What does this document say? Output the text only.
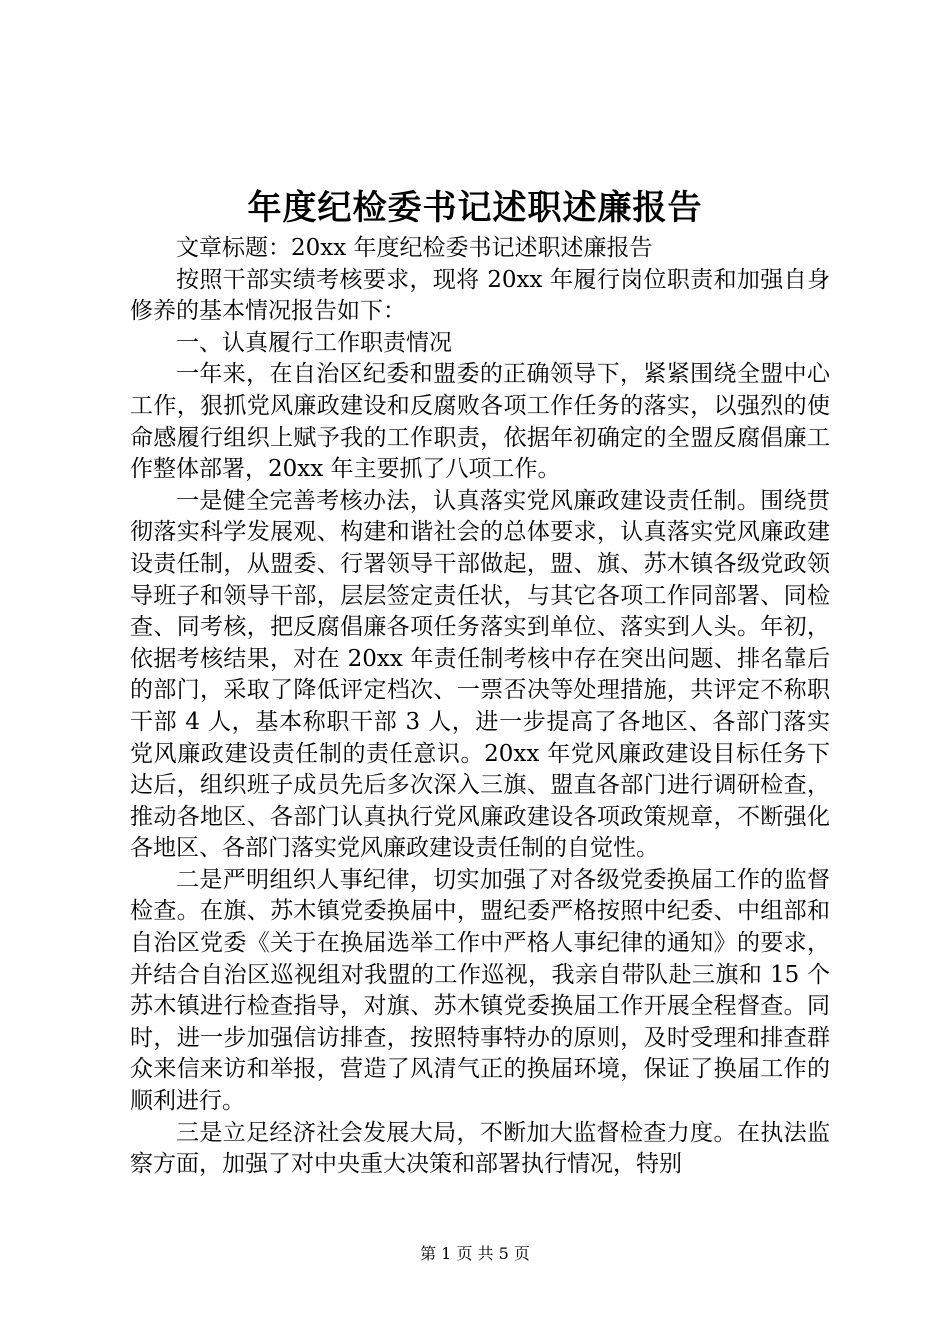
年度纪检委书记述职述廉报告

文章标题：20xx 年度纪检委书记述职述廉报告

按照干部实绩考核要求，现将 20xx 年履行岗位职责和加强自身修养的基本情况报告如下：

一、认真履行工作职责情况

一年来，在自治区纪委和盟委的正确领导下，紧紧围绕全盟中心工作，狠抓党风廉政建设和反腐败各项工作任务的落实，以强烈的使命感履行组织上赋予我的工作职责，依据年初确定的全盟反腐倡廉工作整体部署，20xx 年主要抓了八项工作。

一是健全完善考核办法，认真落实党风廉政建设责任制。围绕贯彻落实科学发展观、构建和谐社会的总体要求，认真落实党风廉政建设责任制，从盟委、行署领导干部做起，盟、旗、苏木镇各级党政领导班子和领导干部，层层签定责任状，与其它各项工作同部署、同检查、同考核，把反腐倡廉各项任务落实到单位、落实到人头。年初，依据考核结果，对在 20xx 年责任制考核中存在突出问题、排名靠后的部门，采取了降低评定档次、一票否决等处理措施，共评定不称职干部 4 人，基本称职干部 3 人，进一步提高了各地区、各部门落实党风廉政建设责任制的责任意识。20xx 年党风廉政建设目标任务下达后，组织班子成员先后多次深入三旗、盟直各部门进行调研检查，推动各地区、各部门认真执行党风廉政建设各项政策规章，不断强化各地区、各部门落实党风廉政建设责任制的自觉性。

二是严明组织人事纪律，切实加强了对各级党委换届工作的监督检查。在旗、苏木镇党委换届中，盟纪委严格按照中纪委、中组部和自治区党委《关于在换届选举工作中严格人事纪律的通知》的要求，并结合自治区巡视组对我盟的工作巡视，我亲自带队赴三旗和 15 个苏木镇进行检查指导，对旗、苏木镇党委换届工作开展全程督查。同时，进一步加强信访排查，按照特事特办的原则，及时受理和排查群众来信来访和举报，营造了风清气正的换届环境，保证了换届工作的顺利进行。

三是立足经济社会发展大局，不断加大监督检查力度。在执法监察方面，加强了对中央重大决策和部署执行情况，特别

第 1 页 共 5 页
